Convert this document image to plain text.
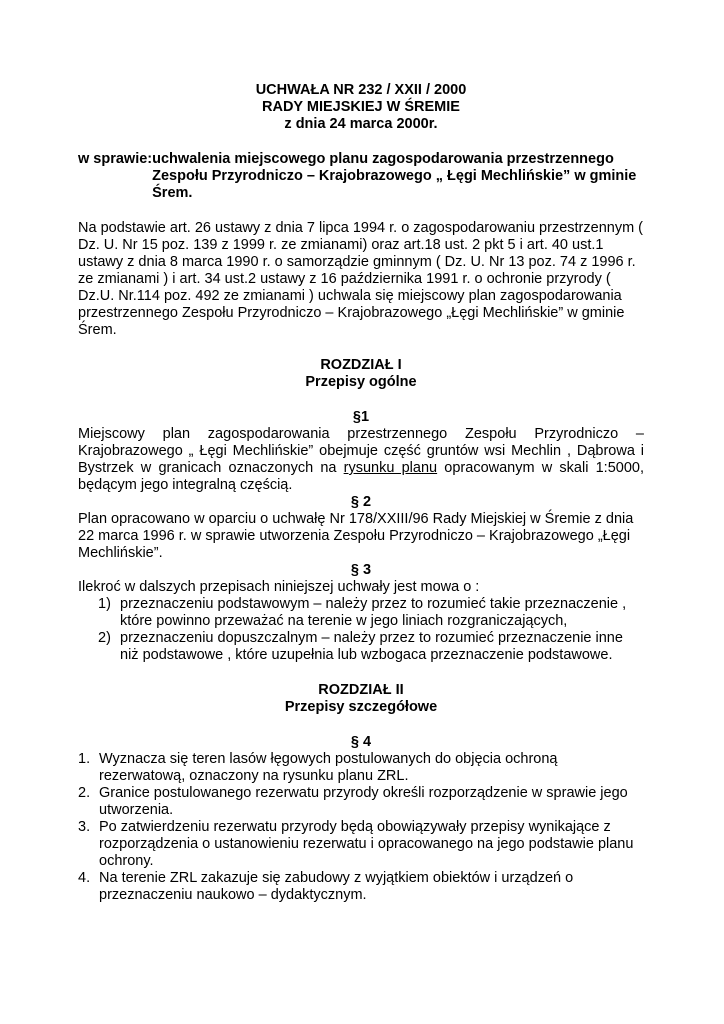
UCHWAŁA NR 232 / XXII / 2000
RADY MIEJSKIEJ W ŚREMIE
z dnia 24 marca 2000r.
w sprawie: uchwalenia miejscowego planu zagospodarowania przestrzennego Zespołu Przyrodniczo – Krajobrazowego „ Łęgi Mechlińskie” w gminie Śrem.

Na podstawie art. 26 ustawy z dnia 7 lipca 1994 r. o zagospodarowaniu przestrzennym ( Dz. U. Nr 15 poz. 139 z 1999 r. ze zmianami) oraz art.18 ust. 2 pkt 5 i art. 40 ust.1 ustawy z dnia 8 marca 1990 r. o samorządzie gminnym ( Dz. U. Nr 13 poz. 74 z 1996 r. ze zmianami ) i art. 34 ust.2 ustawy z 16 października 1991 r. o ochronie przyrody ( Dz.U. Nr.114 poz. 492 ze zmianami ) uchwala się miejscowy plan zagospodarowania przestrzennego Zespołu Przyrodniczo – Krajobrazowego „Łęgi Mechlińskie” w gminie Śrem.

ROZDZIAŁ I
Przepisy ogólne
§1

Miejscowy plan zagospodarowania przestrzennego Zespołu Przyrodniczo – Krajobrazowego „ Łęgi Mechlińskie” obejmuje część gruntów wsi Mechlin , Dąbrowa i Bystrzek w granicach oznaczonych na rysunku planu opracowanym w skali 1:5000, będącym jego integralną częścią.

§ 2

Plan opracowano w oparciu o uchwałę Nr 178/XXIII/96 Rady Miejskiej w Śremie z dnia 22 marca 1996 r. w sprawie utworzenia Zespołu Przyrodniczo – Krajobrazowego „Łęgi Mechlińskie”.

§ 3

Ilekroć w dalszych przepisach niniejszej uchwały jest mowa o :

1) przeznaczeniu podstawowym – należy przez to rozumieć takie przeznaczenie , które powinno przeważać na terenie w jego liniach rozgraniczających,
2) przeznaczeniu dopuszczalnym – należy przez to rozumieć przeznaczenie inne niż podstawowe , które uzupełnia lub wzbogaca przeznaczenie podstawowe.
ROZDZIAŁ II
Przepisy szczegółowe
§ 4
1. Wyznacza się teren lasów łęgowych postulowanych do objęcia ochroną rezerwatową, oznaczony na rysunku planu ZRL.
2. Granice postulowanego rezerwatu przyrody określi rozporządzenie w sprawie jego utworzenia.
3. Po zatwierdzeniu rezerwatu przyrody będą obowiązywały przepisy wynikające z rozporządzenia o ustanowieniu rezerwatu i opracowanego na jego podstawie planu ochrony.
4. Na terenie ZRL zakazuje się zabudowy z wyjątkiem obiektów i urządzeń o przeznaczeniu naukowo – dydaktycznym.
